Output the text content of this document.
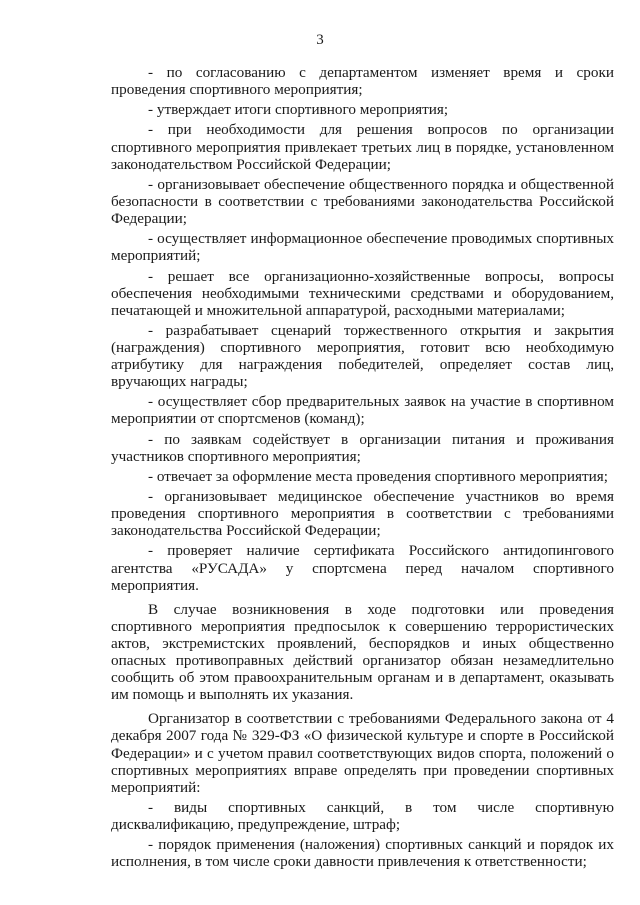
3

- по согласованию с департаментом изменяет время и сроки проведения спортивного мероприятия;

- утверждает итоги спортивного мероприятия;

- при необходимости для решения вопросов по организации спортивного мероприятия привлекает третьих лиц в порядке, установленном законодательством Российской Федерации;

- организовывает обеспечение общественного порядка и общественной безопасности в соответствии с требованиями законодательства Российской Федерации;

- осуществляет информационное обеспечение проводимых спортивных мероприятий;

- решает все организационно-хозяйственные вопросы, вопросы обеспечения необходимыми техническими средствами и оборудованием, печатающей и множительной аппаратурой, расходными материалами;

- разрабатывает сценарий торжественного открытия и закрытия (награждения) спортивного мероприятия, готовит всю необходимую атрибутику для награждения победителей, определяет состав лиц, вручающих награды;

- осуществляет сбор предварительных заявок на участие в спортивном мероприятии от спортсменов (команд);

- по заявкам содействует в организации питания и проживания участников спортивного мероприятия;

- отвечает за оформление места проведения спортивного мероприятия;

- организовывает медицинское обеспечение участников во время проведения спортивного мероприятия в соответствии с требованиями законодательства Российской Федерации;

- проверяет наличие сертификата Российского антидопингового агентства «РУСАДА» у спортсмена перед началом спортивного мероприятия.

В случае возникновения в ходе подготовки или проведения спортивного мероприятия предпосылок к совершению террористических актов, экстремистских проявлений, беспорядков и иных общественно опасных противоправных действий организатор обязан незамедлительно сообщить об этом правоохранительным органам и в департамент, оказывать им помощь и выполнять их указания.

Организатор в соответствии с требованиями Федерального закона от 4 декабря 2007 года № 329-ФЗ «О физической культуре и спорте в Российской Федерации» и с учетом правил соответствующих видов спорта, положений о спортивных мероприятиях вправе определять при проведении спортивных мероприятий:

- виды спортивных санкций, в том числе спортивную дисквалификацию, предупреждение, штраф;

- порядок применения (наложения) спортивных санкций и порядок их исполнения, в том числе сроки давности привлечения к ответственности;
